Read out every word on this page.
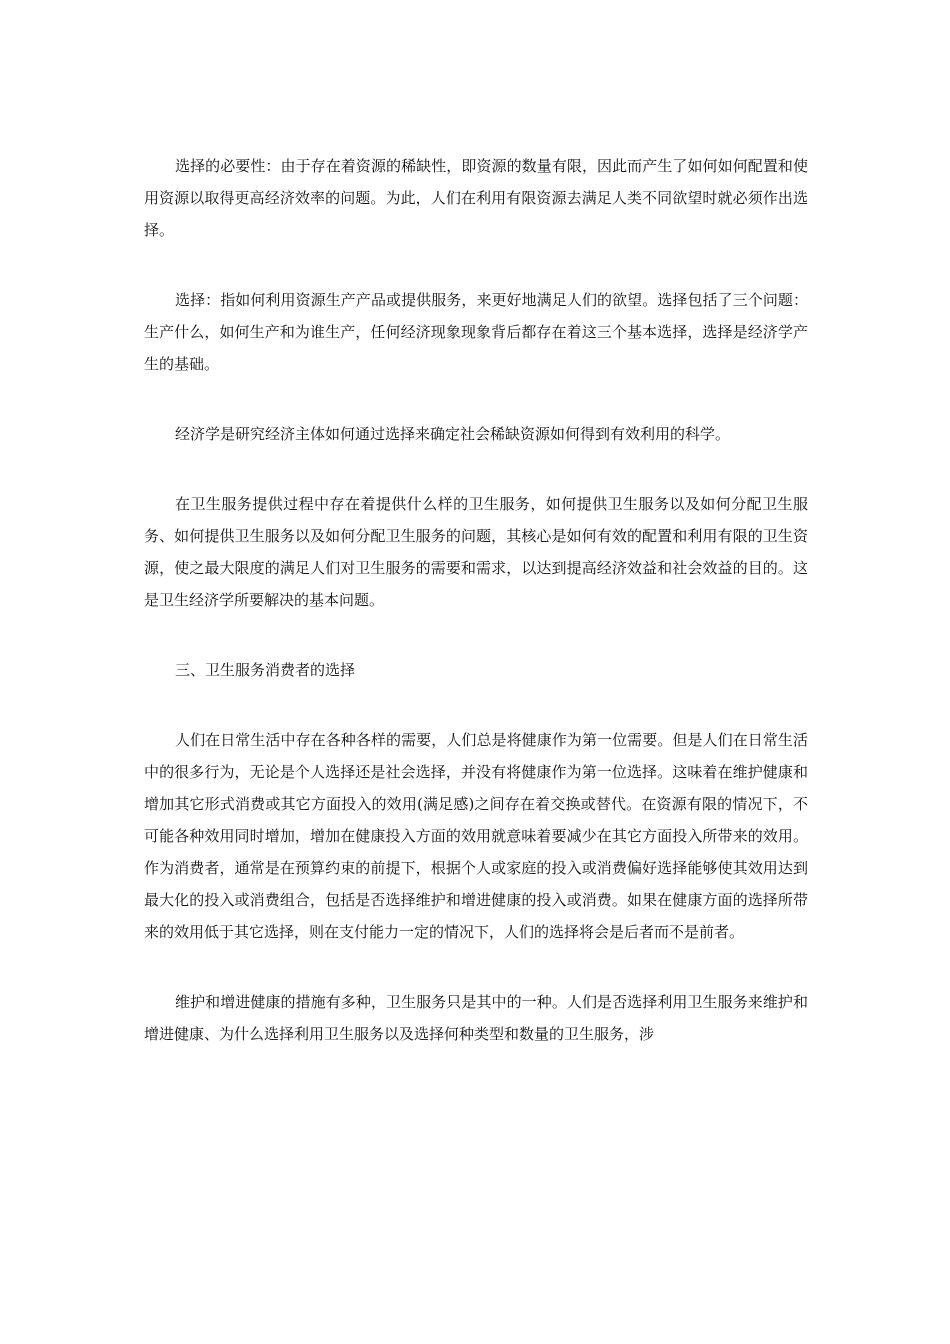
选择的必要性：由于存在着资源的稀缺性，即资源的数量有限，因此而产生了如何如何配置和使用资源以取得更高经济效率的问题。为此，人们在利用有限资源去满足人类不同欲望时就必须作出选择。

选择：指如何利用资源生产产品或提供服务，来更好地满足人们的欲望。选择包括了三个问题：生产什么，如何生产和为谁生产，任何经济现象现象背后都存在着这三个基本选择，选择是经济学产生的基础。

经济学是研究经济主体如何通过选择来确定社会稀缺资源如何得到有效利用的科学。

在卫生服务提供过程中存在着提供什么样的卫生服务，如何提供卫生服务以及如何分配卫生服务、如何提供卫生服务以及如何分配卫生服务的问题，其核心是如何有效的配置和利用有限的卫生资源，使之最大限度的满足人们对卫生服务的需要和需求，以达到提高经济效益和社会效益的目的。这是卫生经济学所要解决的基本问题。

三、卫生服务消费者的选择

人们在日常生活中存在各种各样的需要，人们总是将健康作为第一位需要。但是人们在日常生活中的很多行为，无论是个人选择还是社会选择，并没有将健康作为第一位选择。这味着在维护健康和增加其它形式消费或其它方面投入的效用(满足感)之间存在着交换或替代。在资源有限的情况下，不可能各种效用同时增加，增加在健康投入方面的效用就意味着要减少在其它方面投入所带来的效用。作为消费者，通常是在预算约束的前提下，根据个人或家庭的投入或消费偏好选择能够使其效用达到最大化的投入或消费组合，包括是否选择维护和增进健康的投入或消费。如果在健康方面的选择所带来的效用低于其它选择，则在支付能力一定的情况下，人们的选择将会是后者而不是前者。

维护和增进健康的措施有多种，卫生服务只是其中的一种。人们是否选择利用卫生服务来维护和增进健康、为什么选择利用卫生服务以及选择何种类型和数量的卫生服务，涉
